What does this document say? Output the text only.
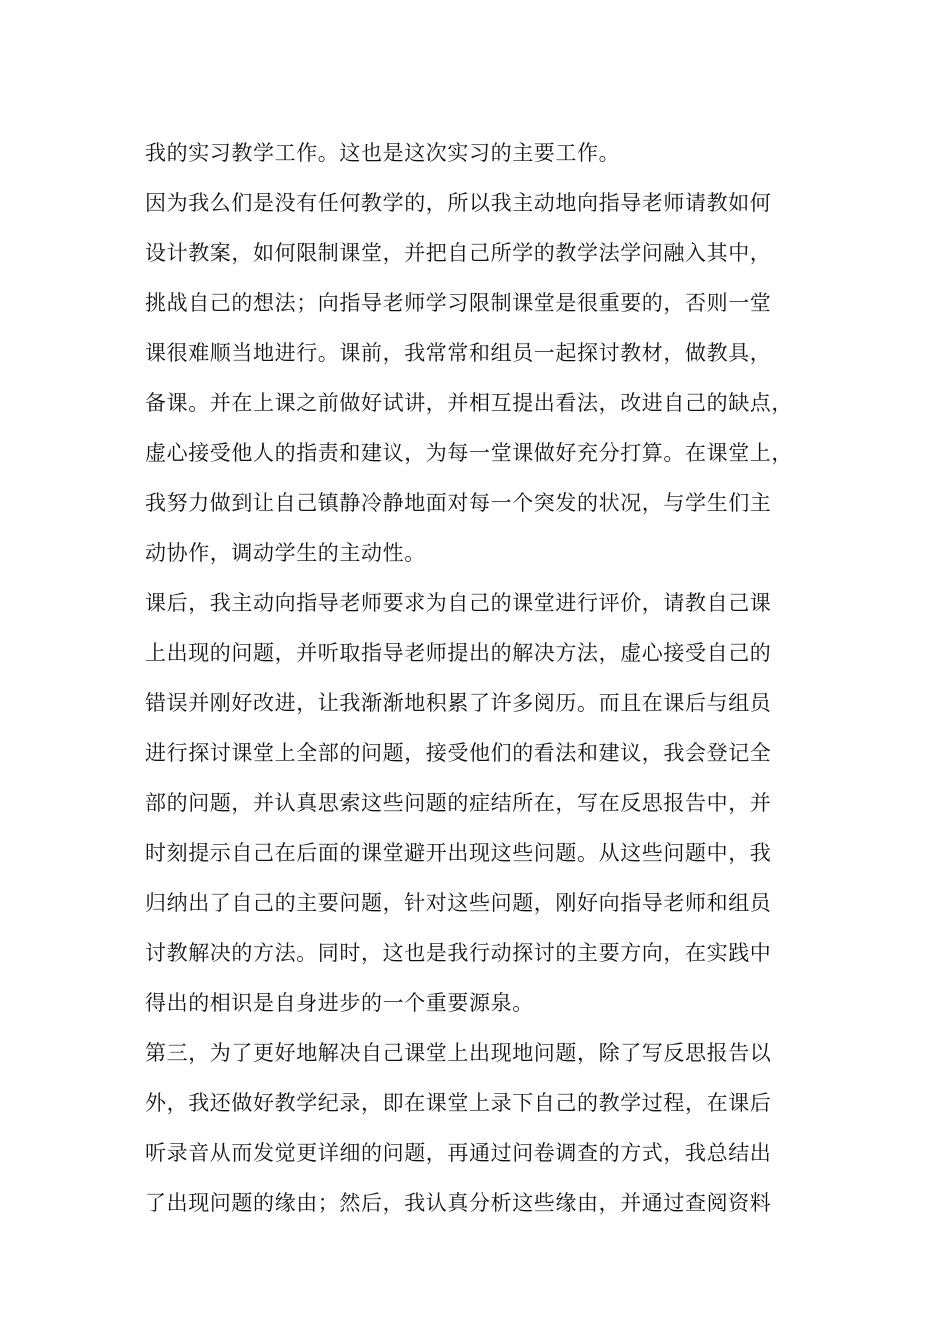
我的实习教学工作。这也是这次实习的主要工作。
因为我么们是没有任何教学的，所以我主动地向指导老师请教如何
设计教案，如何限制课堂，并把自己所学的教学法学问融入其中，
挑战自己的想法；向指导老师学习限制课堂是很重要的，否则一堂
课很难顺当地进行。课前，我常常和组员一起探讨教材，做教具，
备课。并在上课之前做好试讲，并相互提出看法，改进自己的缺点，
虚心接受他人的指责和建议，为每一堂课做好充分打算。在课堂上，
我努力做到让自己镇静冷静地面对每一个突发的状况，与学生们主
动协作，调动学生的主动性。
课后，我主动向指导老师要求为自己的课堂进行评价，请教自己课
上出现的问题，并听取指导老师提出的解决方法，虚心接受自己的
错误并刚好改进，让我渐渐地积累了许多阅历。而且在课后与组员
进行探讨课堂上全部的问题，接受他们的看法和建议，我会登记全
部的问题，并认真思索这些问题的症结所在，写在反思报告中，并
时刻提示自己在后面的课堂避开出现这些问题。从这些问题中，我
归纳出了自己的主要问题，针对这些问题，刚好向指导老师和组员
讨教解决的方法。同时，这也是我行动探讨的主要方向，在实践中
得出的相识是自身进步的一个重要源泉。
第三，为了更好地解决自己课堂上出现地问题，除了写反思报告以
外，我还做好教学纪录，即在课堂上录下自己的教学过程，在课后
听录音从而发觉更详细的问题，再通过问卷调查的方式，我总结出
了出现问题的缘由；然后，我认真分析这些缘由，并通过查阅资料
